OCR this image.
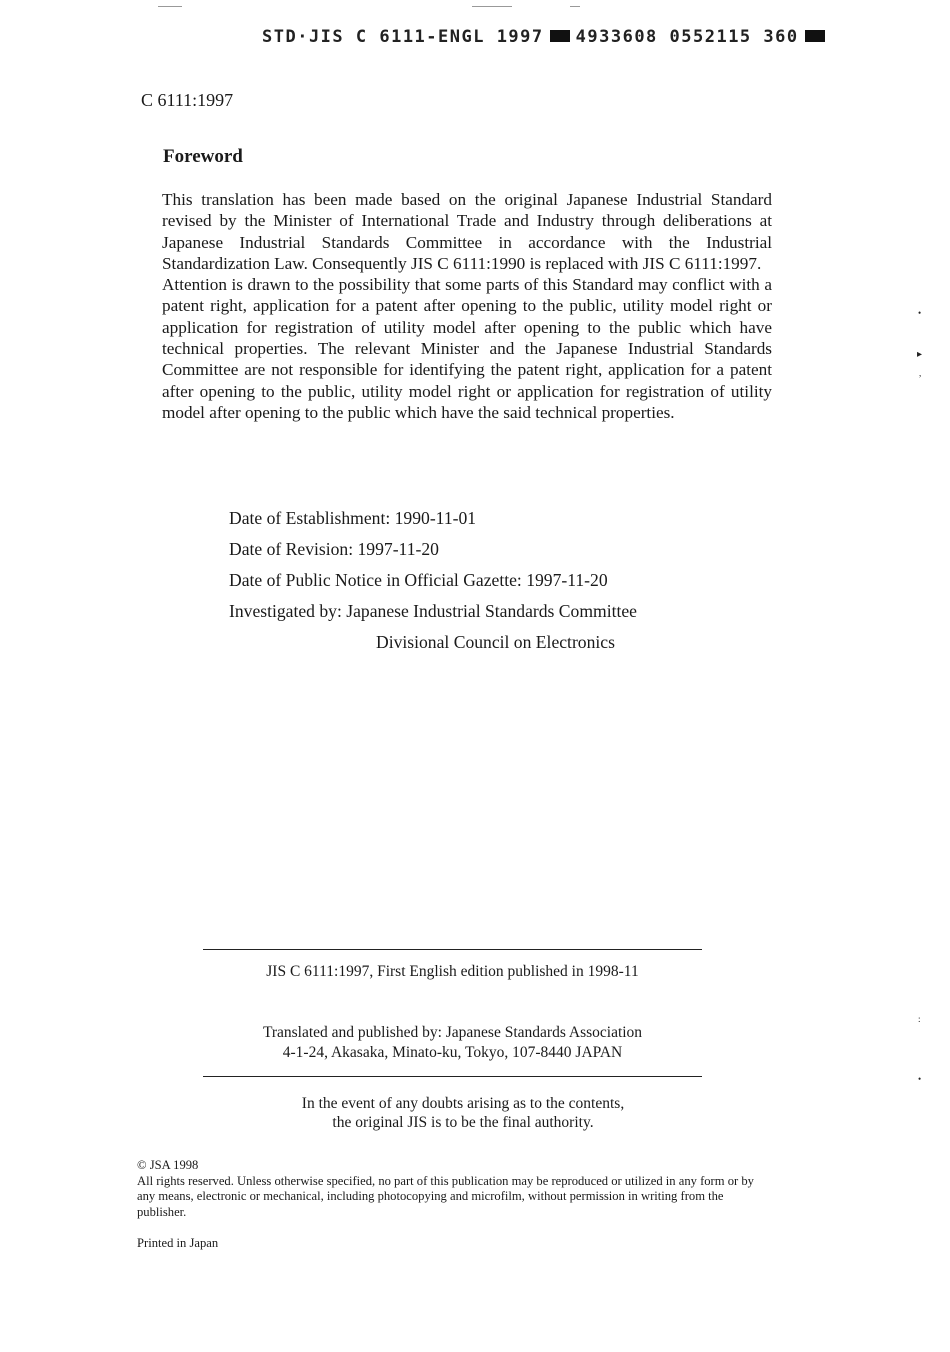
STD·JIS C 6111-ENGL 1997 4933608 0552115 360
C 6111:1997
Foreword

This translation has been made based on the original Japanese Industrial Standard revised by the Minister of International Trade and Industry through deliberations at Japanese Industrial Standards Committee in accordance with the Industrial Standardization Law. Consequently JIS C 6111:1990 is replaced with JIS C 6111:1997.

Attention is drawn to the possibility that some parts of this Standard may conflict with a patent right, application for a patent after opening to the public, utility model right or application for registration of utility model after opening to the public which have technical properties. The relevant Minister and the Japanese Industrial Standards Committee are not responsible for identifying the patent right, application for a patent after opening to the public, utility model right or application for registration of utility model after opening to the public which have the said technical properties.

Date of Establishment: 1990-11-01
Date of Revision: 1997-11-20
Date of Public Notice in Official Gazette: 1997-11-20
Investigated by: Japanese Industrial Standards Committee
Divisional Council on Electronics
JIS C 6111:1997, First English edition published in 1998-11
Translated and published by: Japanese Standards Association
4-1-24, Akasaka, Minato-ku, Tokyo, 107-8440 JAPAN
In the event of any doubts arising as to the contents,
the original JIS is to be the final authority.

© JSA 1998

All rights reserved. Unless otherwise specified, no part of this publication may be reproduced or utilized in any form or by any means, electronic or mechanical, including photocopying and microfilm, without permission in writing from the publisher.

Printed in Japan
•
▸
,
:
•
